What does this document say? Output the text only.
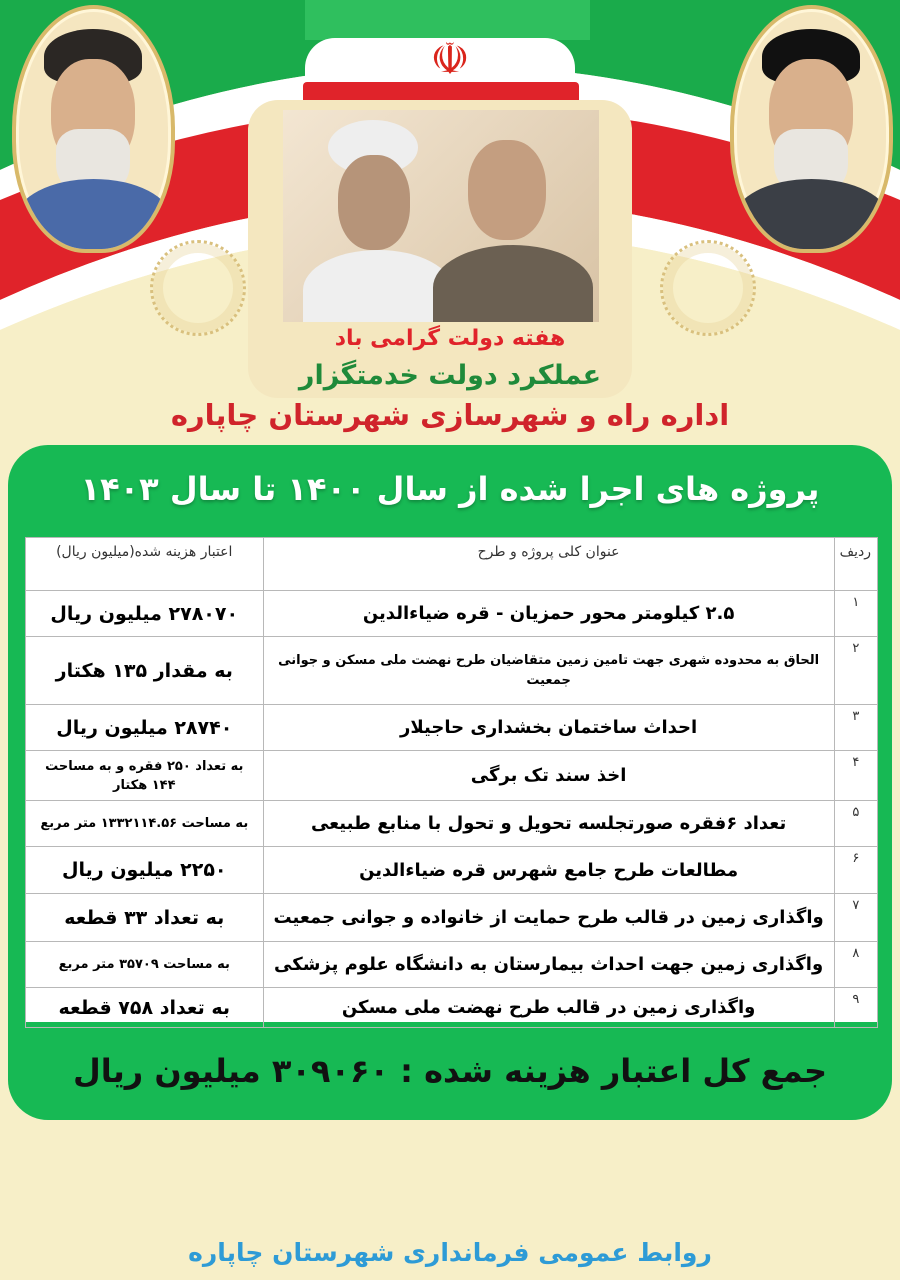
☫
هفته دولت گرامی باد
عملکرد دولت خدمتگزار
اداره راه و شهرسازی شهرستان چاپاره
پروژه های اجرا شده از سال ۱۴۰۰ تا سال ۱۴۰۳
ردیف	عنوان کلی پروژه و طرح	اعتبار هزینه شده(میلیون ریال)
۱	۲.۵ کیلومتر محور حمزیان - قره ضیاءالدین	۲۷۸۰۷۰ میلیون ریال
۲	الحاق به محدوده شهری جهت تامین زمین متقاضیان طرح نهضت ملی مسکن و جوانی جمعیت	به مقدار ۱۳۵ هکتار
۳	احداث ساختمان بخشداری حاجیلار	۲۸۷۴۰ میلیون ریال
۴	اخذ سند تک برگی	به تعداد ۲۵۰ فقره و به مساحت ۱۴۴ هکتار
۵	تعداد ۶فقره صورتجلسه تحویل و تحول با منابع طبیعی	به مساحت ۱۳۳۲۱۱۴.۵۶ متر مربع
۶	مطالعات طرح جامع شهرس قره ضیاءالدین	۲۲۵۰ میلیون ریال
۷	واگذاری زمین در قالب طرح حمایت از خانواده و جوانی جمعیت	به تعداد ۳۳ قطعه
۸	واگذاری زمین جهت احداث بیمارستان به دانشگاه علوم پزشکی	به مساحت ۳۵۷۰۹ متر مربع
۹	واگذاری زمین در قالب طرح نهضت ملی مسکن	به تعداد ۷۵۸ قطعه
جمع کل اعتبار هزینه شده : ۳۰۹۰۶۰ میلیون ریال
روابط عمومی فرمانداری شهرستان چاپاره
